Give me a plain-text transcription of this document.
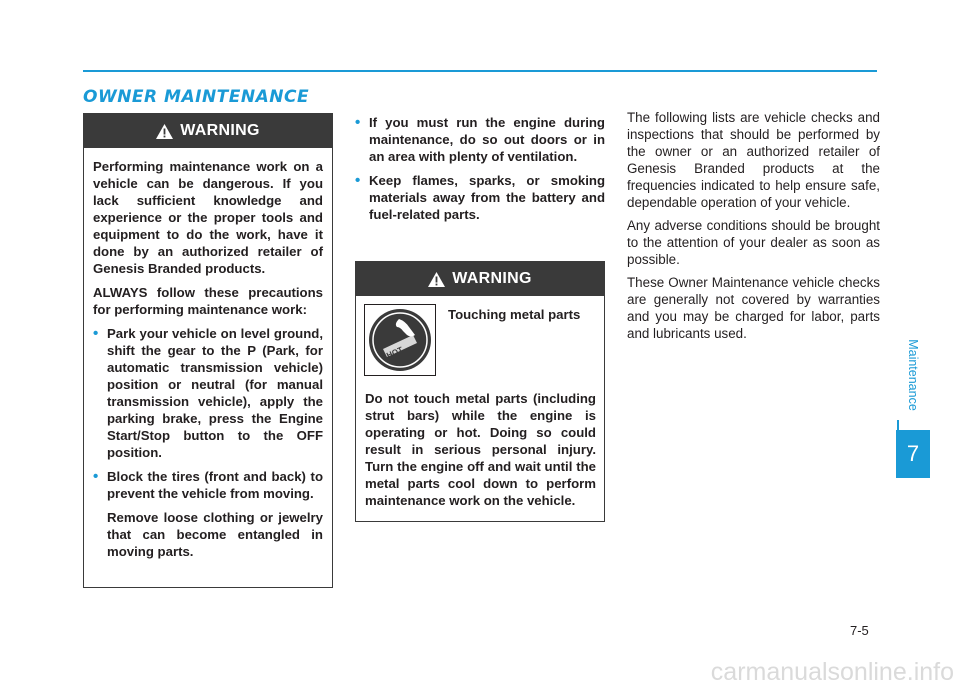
OWNER MAINTENANCE
Maintenance
7
WARNING

Performing maintenance work on a vehicle can be dangerous. If you lack sufficient knowledge and experience or the proper tools and equipment to do the work, have it done by an authorized retailer of Genesis Branded products.

ALWAYS follow these precautions for performing maintenance work:

• Park your vehicle on level ground, shift the gear to the P (Park, for automatic transmission vehicle) position or neutral (for manual transmission vehicle), apply the parking brake, press the Engine Start/Stop button to the OFF position.
• Block the tires (front and back) to prevent the vehicle from moving.

Remove loose clothing or jewelry that can become entangled in moving parts.

• If you must run the engine during maintenance, do so out doors or in an area with plenty of ventilation.
• Keep flames, sparks, or smoking materials away from the battery and fuel-related parts.
WARNING
HOT
Touching metal parts
Do not touch metal parts (including strut bars) while the engine is operating or hot. Doing so could result in serious personal injury. Turn the engine off and wait until the metal parts cool down to perform maintenance work on the vehicle.

The following lists are vehicle checks and inspections that should be performed by the owner or an authorized retailer of Genesis Branded products at the frequencies indicated to help ensure safe, dependable operation of your vehicle.

Any adverse conditions should be brought to the attention of your dealer as soon as possible.

These Owner Maintenance vehicle checks are generally not covered by warranties and you may be charged for labor, parts and lubricants used.

7-5
carmanualsonline.info
